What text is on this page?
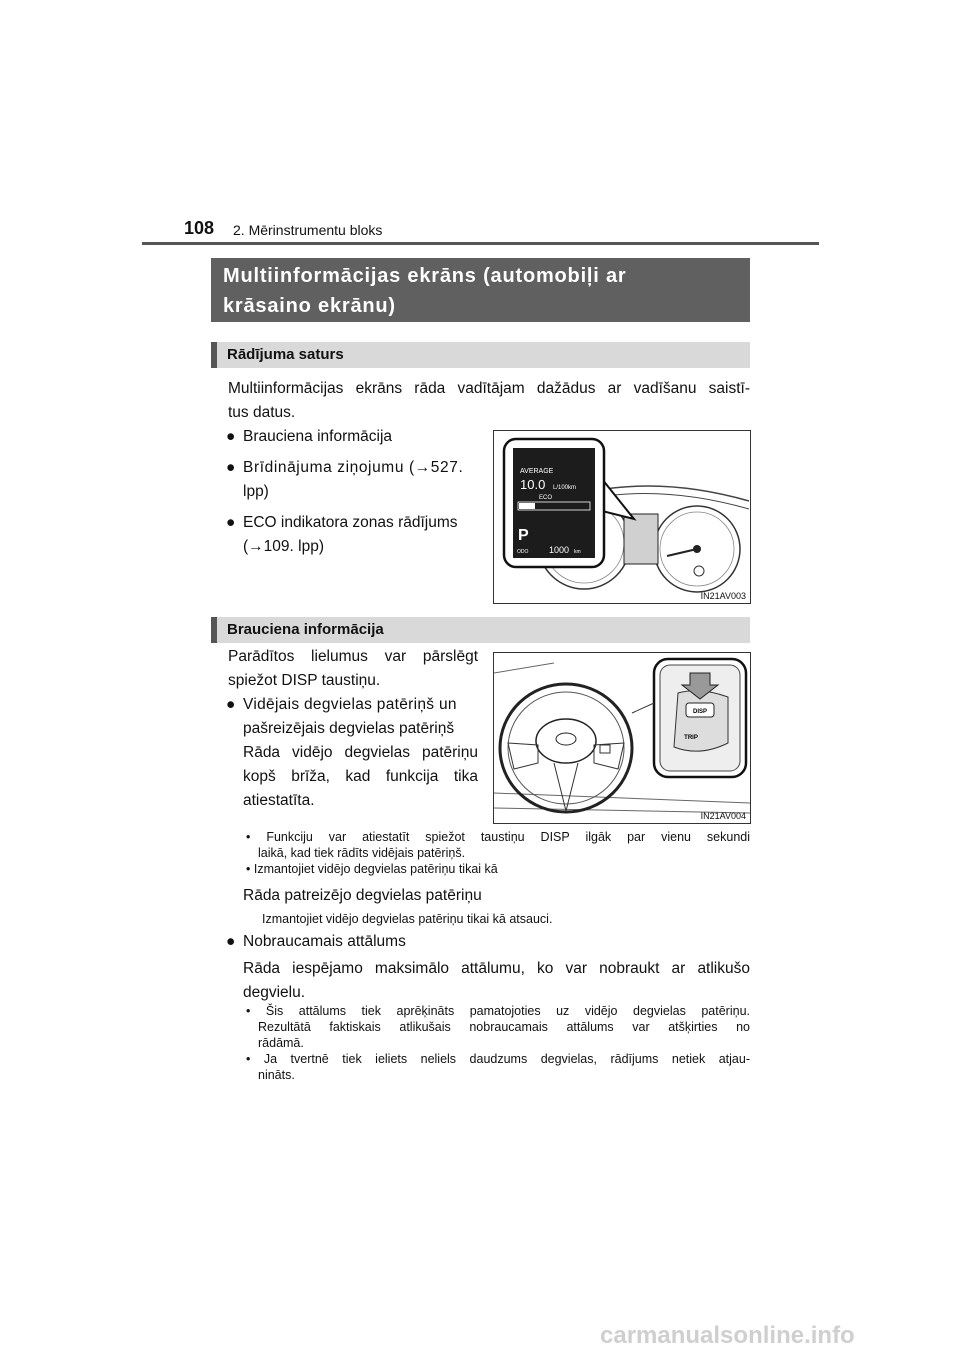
108 2. Mērinstrumentu bloks
Multiinformācijas ekrāns (automobiļi ar
krāsaino ekrānu)
Rādījuma saturs
Multiinformācijas ekrāns rāda vadītājam dažādus ar vadīšanu saistī-
tus datus.
● Brauciena informācija
● Brīdinājuma ziņojumu (→527.
lpp)
● ECO indikatora zonas rādījums
(→109. lpp)
AVERAGE
10.0 L/100km
ECO
P
ODO 1000 km
IN21AV003
Brauciena informācija
Parādītos lielumus var pārslēgt
spiežot DISP taustiņu.
● Vidējais degvielas patēriņš un
pašreizējais degvielas patēriņš
Rāda vidējo degvielas patēriņu
kopš brīža, kad funkcija tika
atiestatīta.
DISP
TRIP
IN21AV004
• Funkciju var atiestatīt spiežot taustiņu DISP ilgāk par vienu sekundi
laikā, kad tiek rādīts vidējais patēriņš.
• Izmantojiet vidējo degvielas patēriņu tikai kā
Rāda patreizējo degvielas patēriņu
Izmantojiet vidējo degvielas patēriņu tikai kā atsauci.
● Nobraucamais attālums
Rāda iespējamo maksimālo attālumu, ko var nobraukt ar atlikušo
degvielu.
• Šis attālums tiek aprēķināts pamatojoties uz vidējo degvielas patēriņu.
Rezultātā faktiskais atlikušais nobraucamais attālums var atšķirties no
rādāmā.
• Ja tvertnē tiek ieliets neliels daudzums degvielas, rādījums netiek atjau-
nināts.
carmanualsonline.info
